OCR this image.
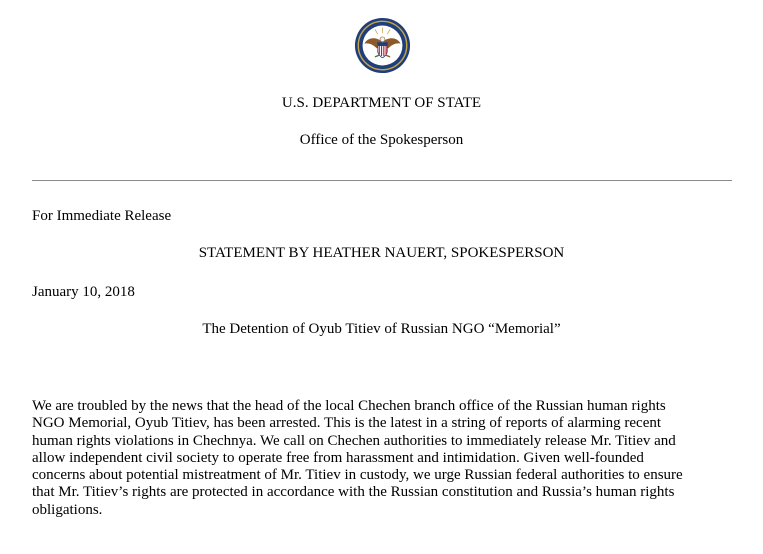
U.S. DEPARTMENT OF STATE
Office of the Spokesperson
For Immediate Release
STATEMENT BY HEATHER NAUERT, SPOKESPERSON
January 10, 2018
The Detention of Oyub Titiev of Russian NGO “Memorial”

We are troubled by the news that the head of the local Chechen branch office of the Russian human rights
NGO Memorial, Oyub Titiev, has been arrested. This is the latest in a string of reports of alarming recent
human rights violations in Chechnya. We call on Chechen authorities to immediately release Mr. Titiev and
allow independent civil society to operate free from harassment and intimidation. Given well-founded
concerns about potential mistreatment of Mr. Titiev in custody, we urge Russian federal authorities to ensure
that Mr. Titiev’s rights are protected in accordance with the Russian constitution and Russia’s human rights
obligations.
